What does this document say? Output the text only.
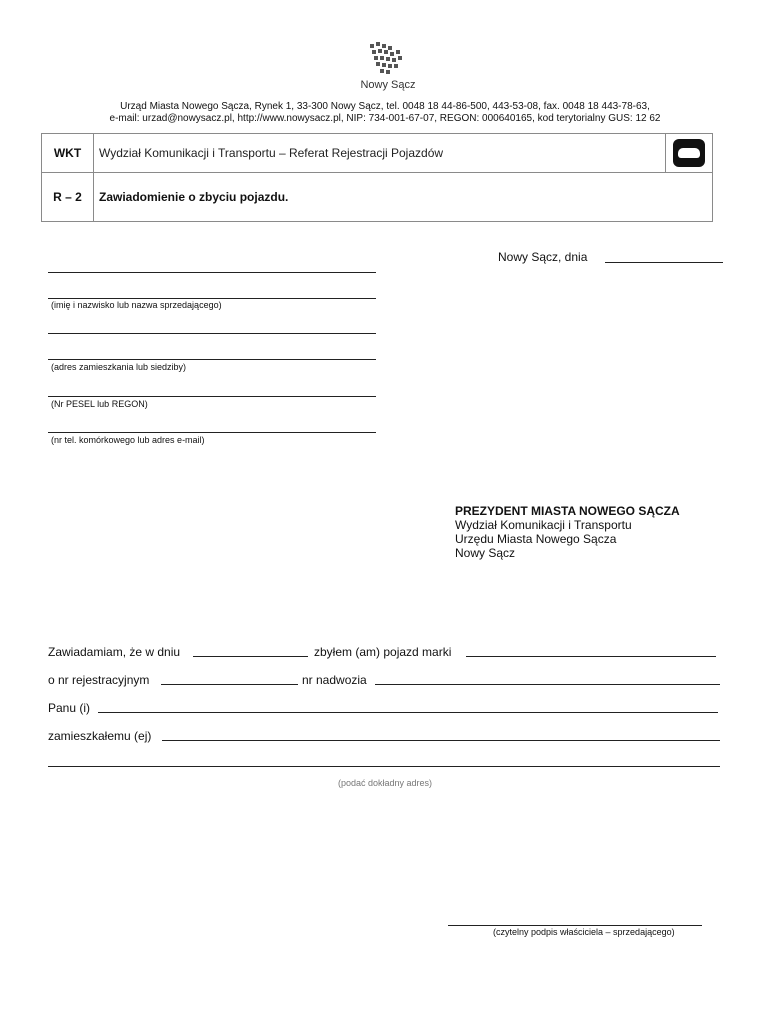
Nowy Sącz
Urząd Miasta Nowego Sącza, Rynek 1, 33-300 Nowy Sącz, tel. 0048 18 44-86-500, 443-53-08, fax. 0048 18 443-78-63,
e-mail: urzad@nowysacz.pl, http://www.nowysacz.pl, NIP: 734-001-67-07, REGON: 000640165, kod terytorialny GUS: 12 62
WKT	Wydział Komunikacji i Transportu – Referat Rejestracji Pojazdów	

R – 2	Zawiadomienie o zbyciu pojazdu.	
Nowy Sącz, dnia
(imię i nazwisko lub nazwa sprzedającego)
(adres zamieszkania lub siedziby)
(Nr PESEL lub REGON)
(nr tel. komórkowego lub adres e-mail)
PREZYDENT MIASTA NOWEGO SĄCZA
Wydział Komunikacji i Transportu
Urzędu Miasta Nowego Sącza
Nowy Sącz
Zawiadamiam, że w dniu	zbyłem (am) pojazd marki
o nr rejestracyjnym	nr nadwozia
Panu (i)
zamieszkałemu (ej)
(podać dokładny adres)
(czytelny podpis właściciela – sprzedającego)
